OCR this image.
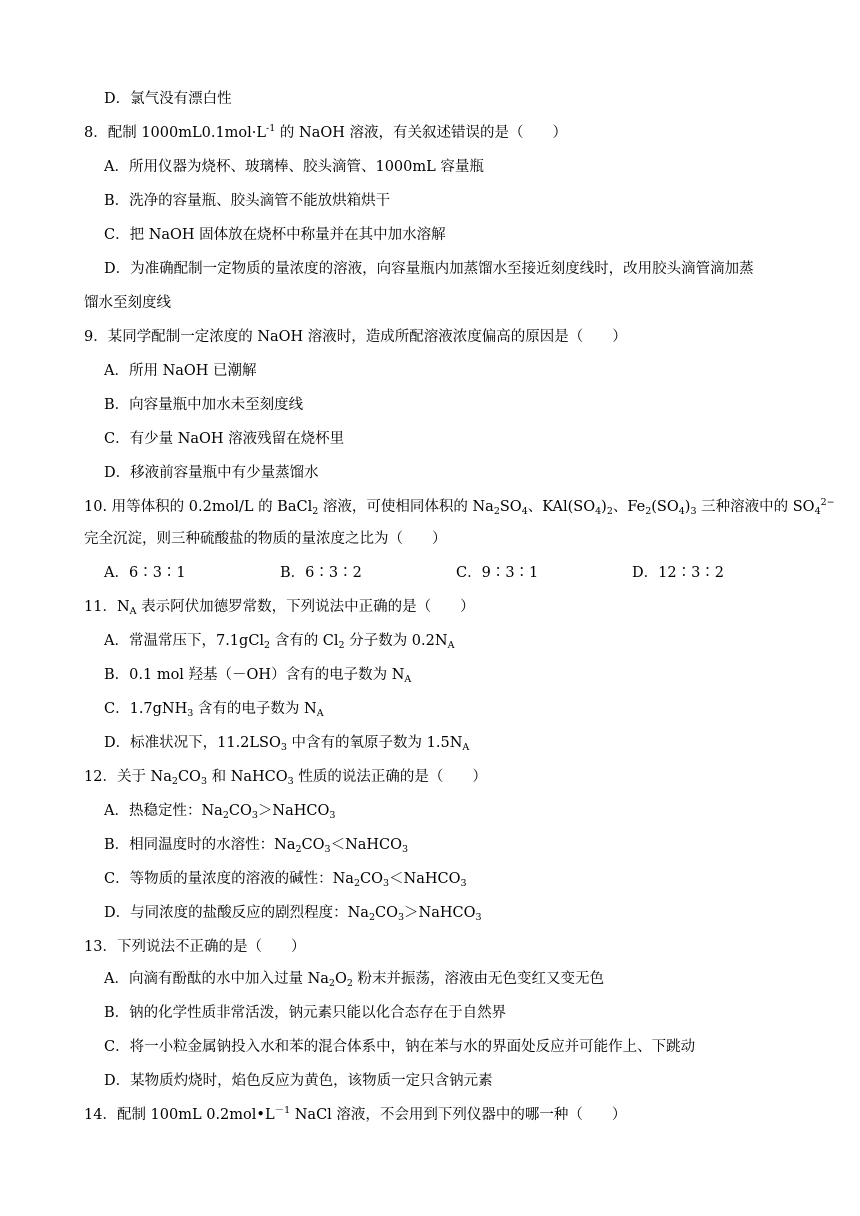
D．氯气没有漂白性
8．配制 $1000mL0.1mol\cdot L^{-1}$ 的 NaOH 溶液，有关叙述错误的是（　　）
A．所用仪器为烧杯、玻璃棒、胶头滴管、1000mL 容量瓶
B．洗净的容量瓶、胶头滴管不能放烘箱烘干
C．把 NaOH 固体放在烧杯中称量并在其中加水溶解
D．为准确配制一定物质的量浓度的溶液，向容量瓶内加蒸馏水至接近刻度线时，改用胶头滴管滴加蒸
馏水至刻度线
9．某同学配制一定浓度的 NaOH 溶液时，造成所配溶液浓度偏高的原因是（　　）
A．所用 NaOH 已潮解
B．向容量瓶中加水未至刻度线
C．有少量 NaOH 溶液残留在烧杯里
D．移液前容量瓶中有少量蒸馏水
10. 用等体积的 0.2mol/L 的 BaCl$_2$ 溶液，可使相同体积的 $Na_2SO_4$、$KAl(SO_4)_2$、$Fe_2(SO_4)_3$ 三种溶液中的 $SO_4^{2-}$
完全沉淀，则三种硫酸盐的物质的量浓度之比为（　　）
A．6∶3∶1	B．6∶3∶2	C．9∶3∶1	D．12∶3∶2
11．$N_A$ 表示阿伏加德罗常数，下列说法中正确的是（　　）
A．常温常压下，7.1gCl$_2$ 含有的 $Cl_2$ 分子数为 $0.2N_A$
B．0.1 mol 羟基（－OH）含有的电子数为 $N_A$
C．1.7gNH$_3$ 含有的电子数为 $N_A$
D．标准状况下，$11.2LSO_3$ 中含有的氧原子数为 $1.5N_A$
12．关于 $Na_2CO_3$ 和 NaHCO$_3$ 性质的说法正确的是（　　）
A．热稳定性：$Na_2CO_3>NaHCO_3$
B．相同温度时的水溶性：$Na_2CO_3<NaHCO_3$
C．等物质的量浓度的溶液的碱性：$Na_2CO_3<NaHCO_3$
D．与同浓度的盐酸反应的剧烈程度：$Na_2CO_3>NaHCO_3$
13．下列说法不正确的是（　　）
A．向滴有酚酞的水中加入过量 $Na_2O_2$ 粉末并振荡，溶液由无色变红又变无色
B．钠的化学性质非常活泼，钠元素只能以化合态存在于自然界
C．将一小粒金属钠投入水和苯的混合体系中，钠在苯与水的界面处反应并可能作上、下跳动
D．某物质灼烧时，焰色反应为黄色，该物质一定只含钠元素
14．配制 100mL $0.2mol•L^{-1}$ NaCl 溶液，不会用到下列仪器中的哪一种（　　）
